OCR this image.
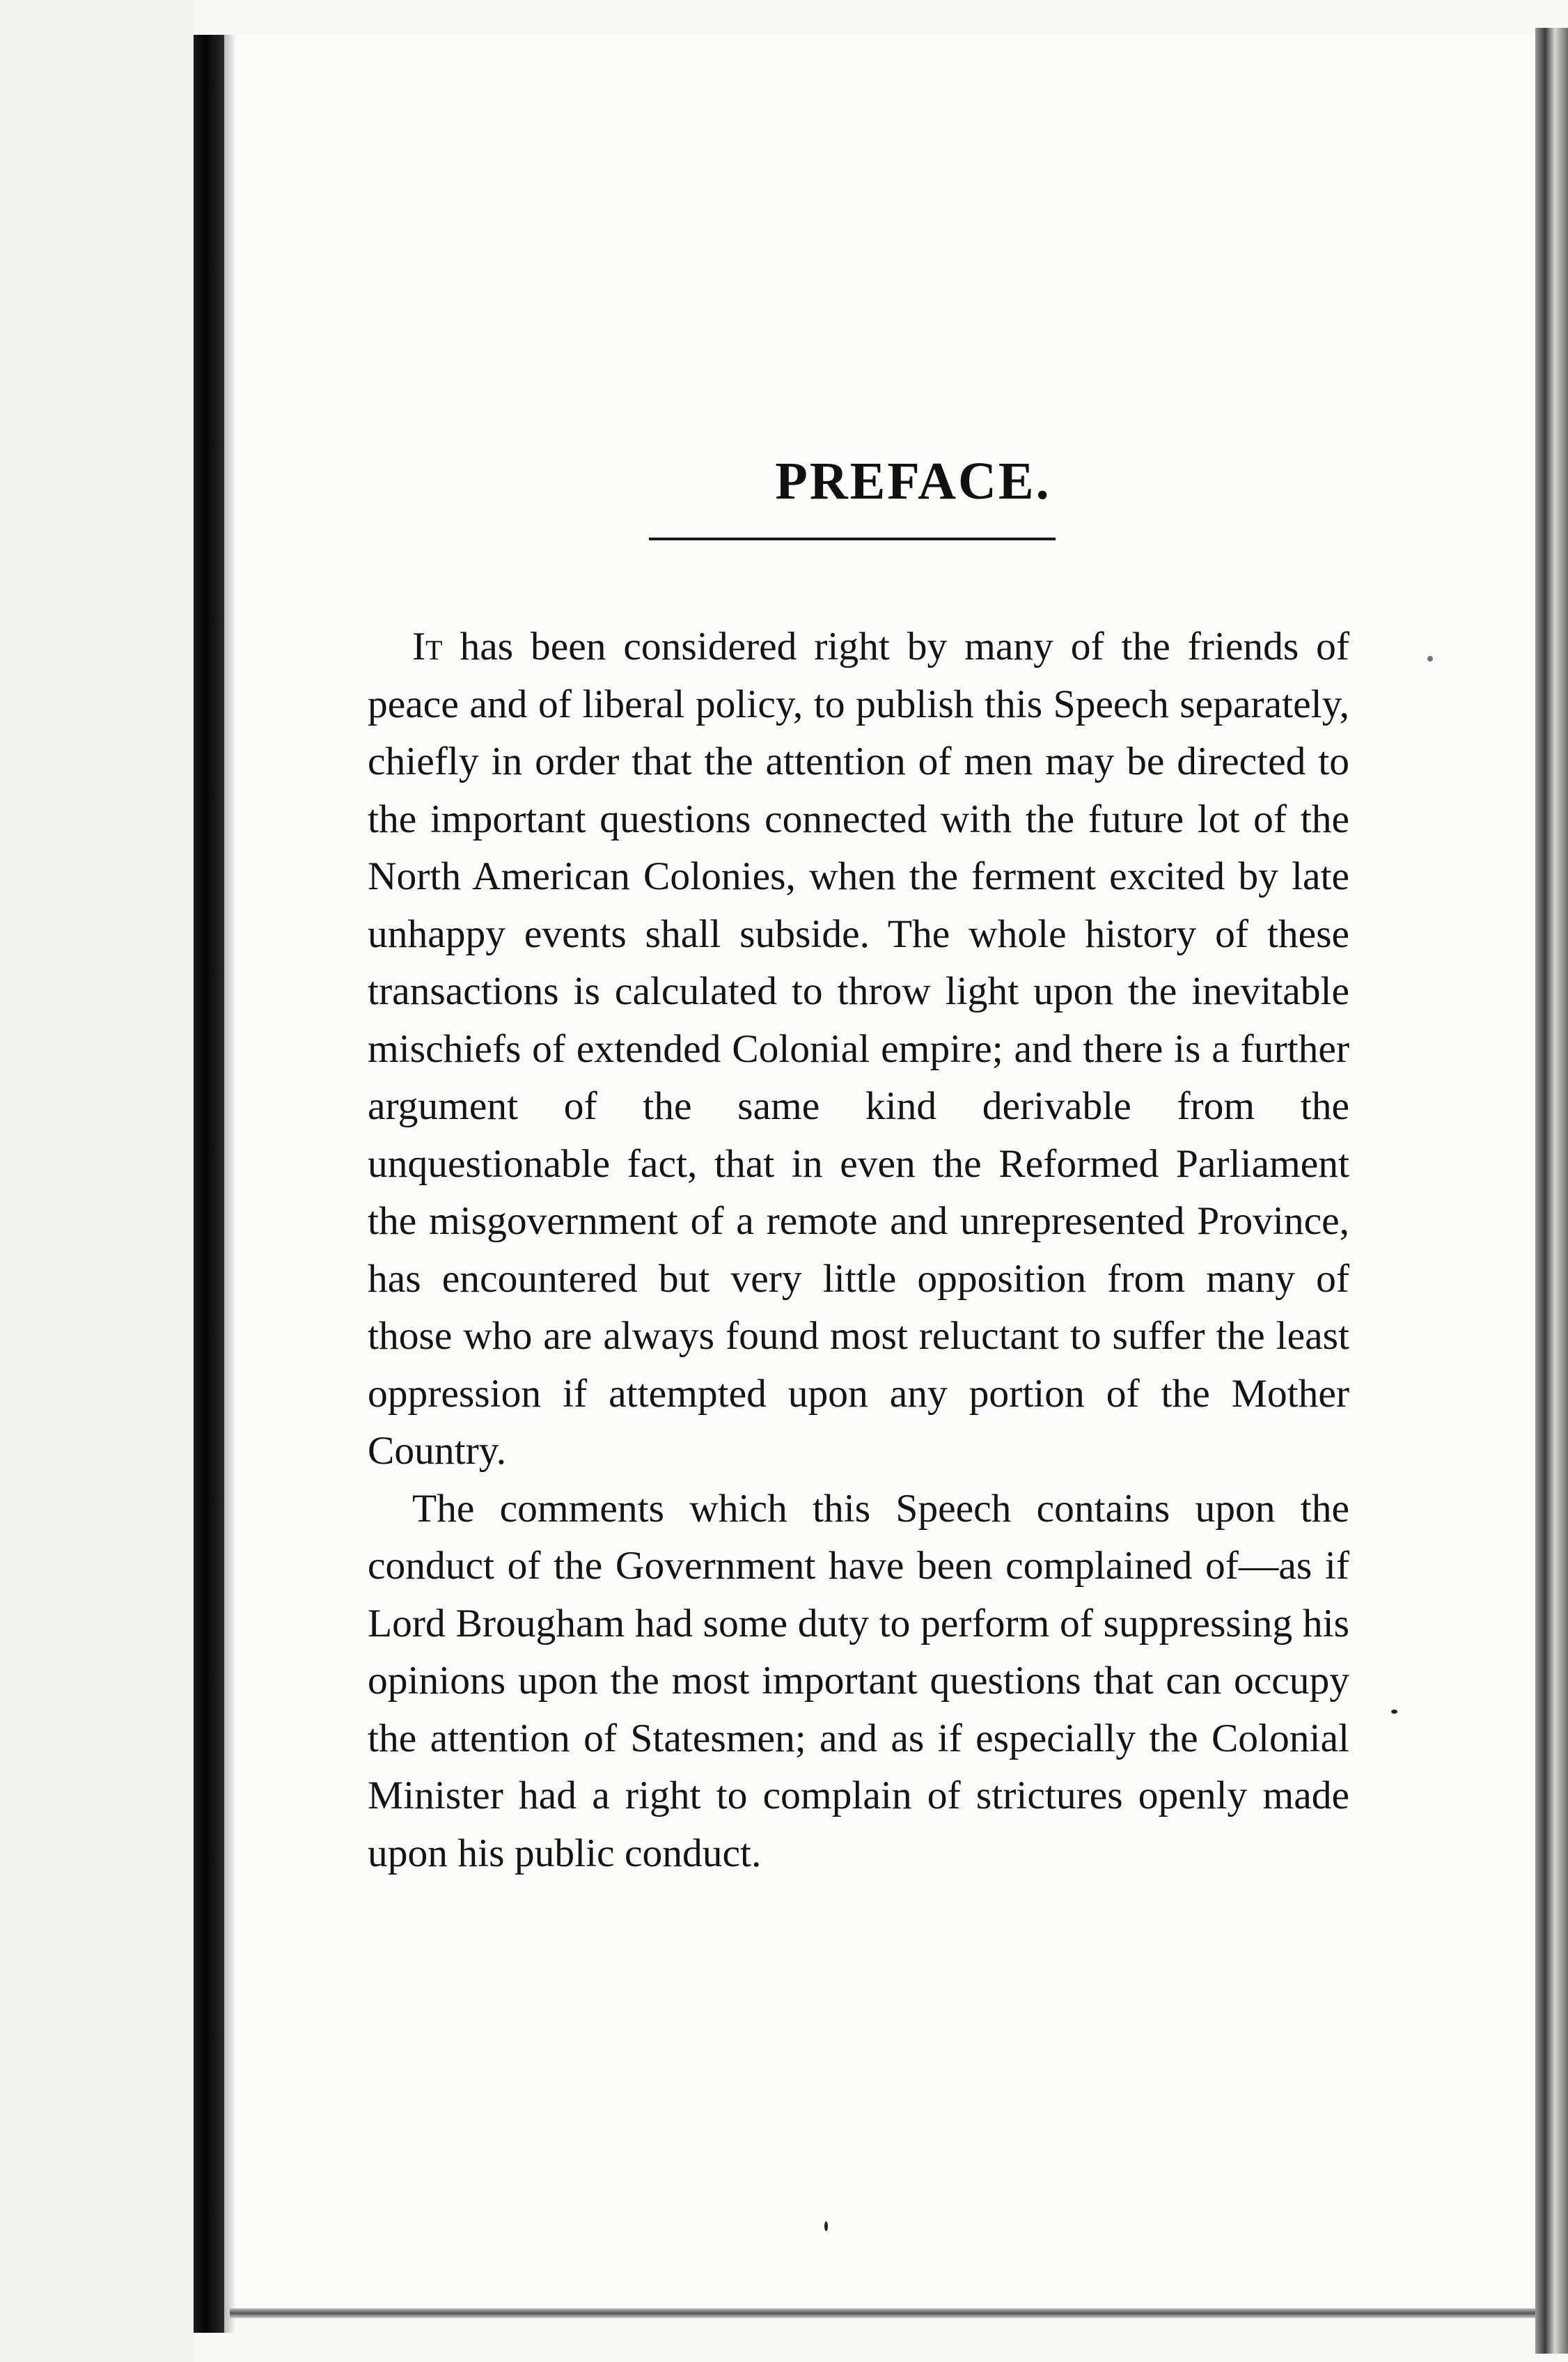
PREFACE.

It has been considered right by many of the friends of peace and of liberal policy, to publish this Speech separately, chiefly in order that the attention of men may be directed to the important questions connected with the future lot of the North American Colonies, when the ferment excited by late unhappy events shall subside. The whole history of these transactions is calculated to throw light upon the inevitable mischiefs of extended Colonial empire; and there is a further argument of the same kind derivable from the unquestionable fact, that in even the Reformed Parliament the misgovernment of a remote and unrepresented Province, has encountered but very little opposition from many of those who are always found most reluctant to suffer the least oppression if attempted upon any portion of the Mother Country.

The comments which this Speech contains upon the conduct of the Government have been complained of—as if Lord Brougham had some duty to perform of suppressing his opinions upon the most important questions that can occupy the attention of Statesmen; and as if especially the Colonial Minister had a right to complain of strictures openly made upon his public conduct.
